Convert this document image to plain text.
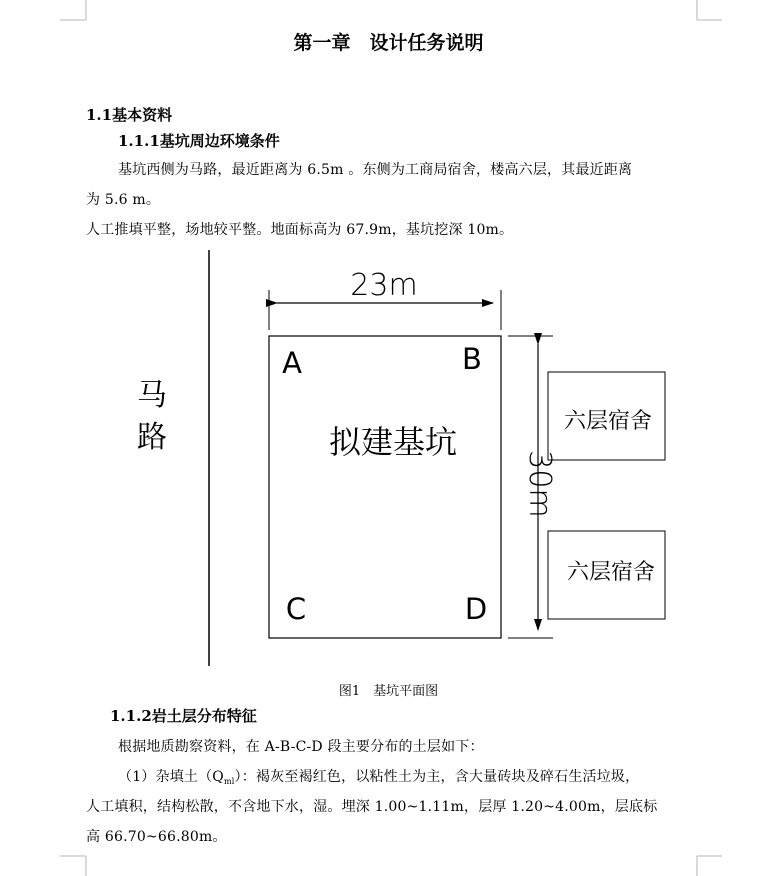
第一章　设计任务说明
1.1基本资料
1.1.1基坑周边环境条件
基坑西侧为马路，最近距离为 6.5m 。东侧为工商局宿舍，楼高六层，其最近距离
为 5.6 m。
人工推填平整，场地较平整。地面标高为 67.9m，基坑挖深 10m。
马
路
23m
A	B
C	D
拟建基坑
30m
六层宿舍
六层宿舍
图1　基坑平面图
1.1.2岩土层分布特征
根据地质勘察资料，在 A-B-C-D 段主要分布的土层如下：
（1）杂填土$(Q_{ml})$：褐灰至褐红色，以粘性土为主，含大量砖块及碎石生活垃圾，
人工填积，结构松散，不含地下水，湿。埋深 1.00~1.11m，层厚 1.20~4.00m，层底标
高 66.70~66.80m。
